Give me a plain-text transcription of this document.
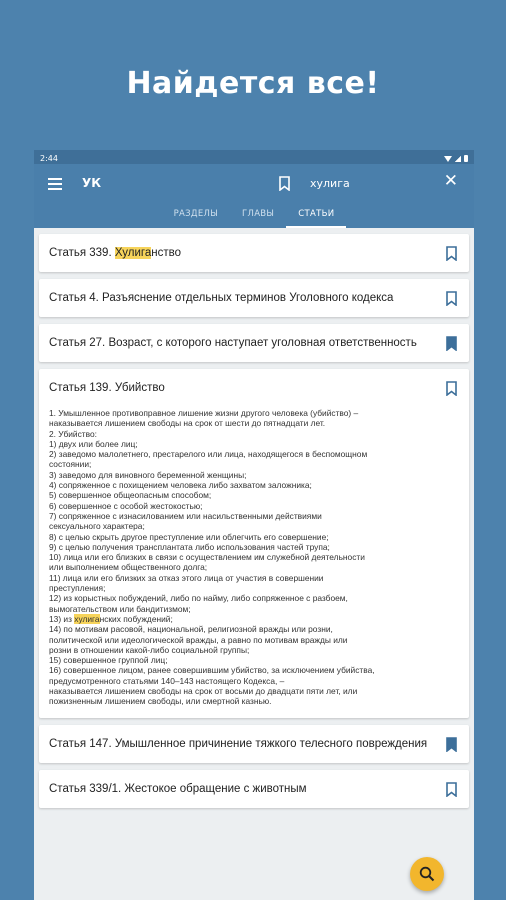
Найдется все!
2:44
УК	хулига	✕
РАЗДЕЛЫ	ГЛАВЫ	СТАТЬИ
Статья 339. Хулиганство
Статья 4. Разъяснение отдельных терминов Уголовного кодекса
Статья 27. Возраст, с которого наступает уголовная ответственность
Статья 139. Убийство
1. Умышленное противоправное лишение жизни другого человека (убийство) –
наказывается лишением свободы на срок от шести до пятнадцати лет.
2. Убийство:
1) двух или более лиц;
2) заведомо малолетнего, престарелого или лица, находящегося в беспомощном
состоянии;
3) заведомо для виновного беременной женщины;
4) сопряженное с похищением человека либо захватом заложника;
5) совершенное общеопасным способом;
6) совершенное с особой жестокостью;
7) сопряженное с изнасилованием или насильственными действиями
сексуального характера;
8) с целью скрыть другое преступление или облегчить его совершение;
9) с целью получения трансплантата либо использования частей трупа;
10) лица или его близких в связи с осуществлением им служебной деятельности
или выполнением общественного долга;
11) лица или его близких за отказ этого лица от участия в совершении
преступления;
12) из корыстных побуждений, либо по найму, либо сопряженное с разбоем,
вымогательством или бандитизмом;
13) из хулиганских побуждений;
14) по мотивам расовой, национальной, религиозной вражды или розни,
политической или идеологической вражды, а равно по мотивам вражды или
розни в отношении какой-либо социальной группы;
15) совершенное группой лиц;
16) совершенное лицом, ранее совершившим убийство, за исключением убийства,
предусмотренного статьями 140–143 настоящего Кодекса, –
наказывается лишением свободы на срок от восьми до двадцати пяти лет, или
пожизненным лишением свободы, или смертной казнью.
Статья 147. Умышленное причинение тяжкого телесного повреждения
Статья 339/1. Жестокое обращение с животным
